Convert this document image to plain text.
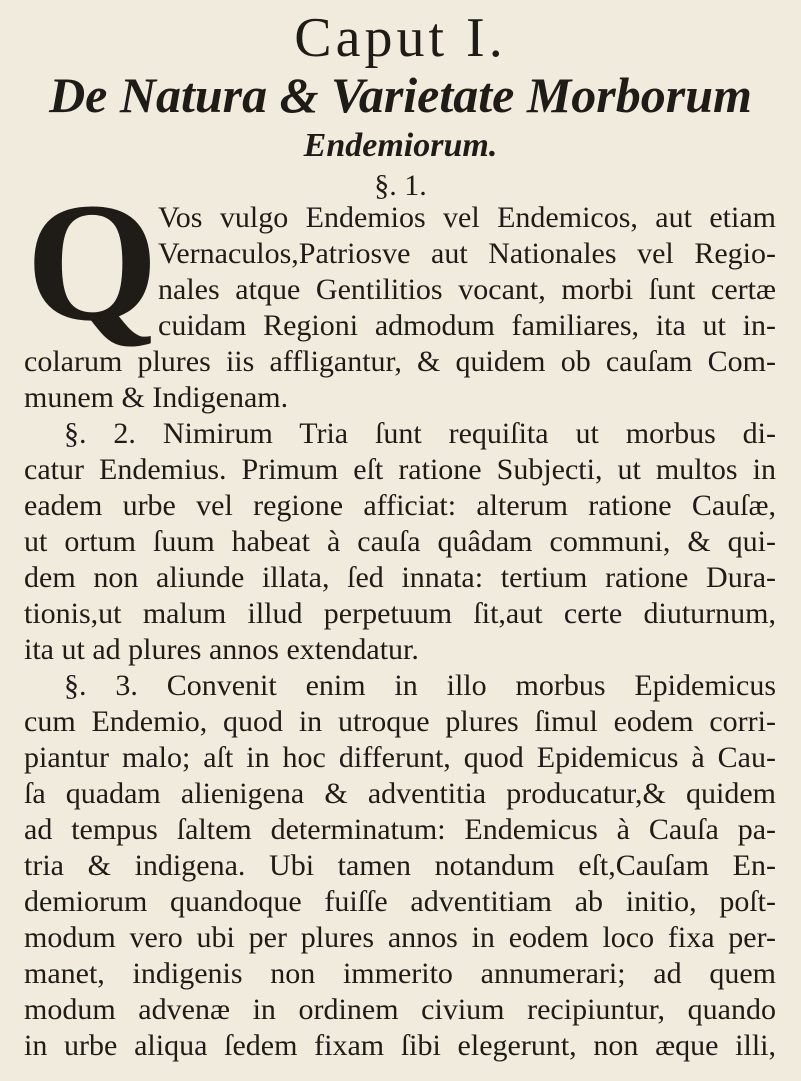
Caput I.
De Natura & Varietate Morborum
Endemiorum.
§. 1.
Q Vos vulgo Endemios vel Endemicos, aut etiam
Vernaculos,Patriosve aut Nationales vel Regio-
nales atque Gentilitios vocant, morbi ſunt certæ
cuidam Regioni admodum familiares, ita ut in-
colarum plures iis affligantur, & quidem ob cauſam Com-
munem & Indigenam.
§. 2. Nimirum Tria ſunt requiſita ut morbus di-
catur Endemius. Primum eſt ratione Subjecti, ut multos in
eadem urbe vel regione afficiat: alterum ratione Cauſæ,
ut ortum ſuum habeat à cauſa quâdam communi, & qui-
dem non aliunde illata, ſed innata: tertium ratione Dura-
tionis,ut malum illud perpetuum ſit,aut certe diuturnum,
ita ut ad plures annos extendatur.
§. 3. Convenit enim in illo morbus Epidemicus
cum Endemio, quod in utroque plures ſimul eodem corri-
piantur malo; aſt in hoc differunt, quod Epidemicus à Cau-
ſa quadam alienigena & adventitia producatur,& quidem
ad tempus ſaltem determinatum: Endemicus à Cauſa pa-
tria & indigena. Ubi tamen notandum eſt,Cauſam En-
demiorum quandoque fuiſſe adventitiam ab initio, poſt-
modum vero ubi per plures annos in eodem loco fixa per-
manet, indigenis non immerito annumerari; ad quem
modum advenæ in ordinem civium recipiuntur, quando
in urbe aliqua ſedem fixam ſibi elegerunt, non æque illi,
